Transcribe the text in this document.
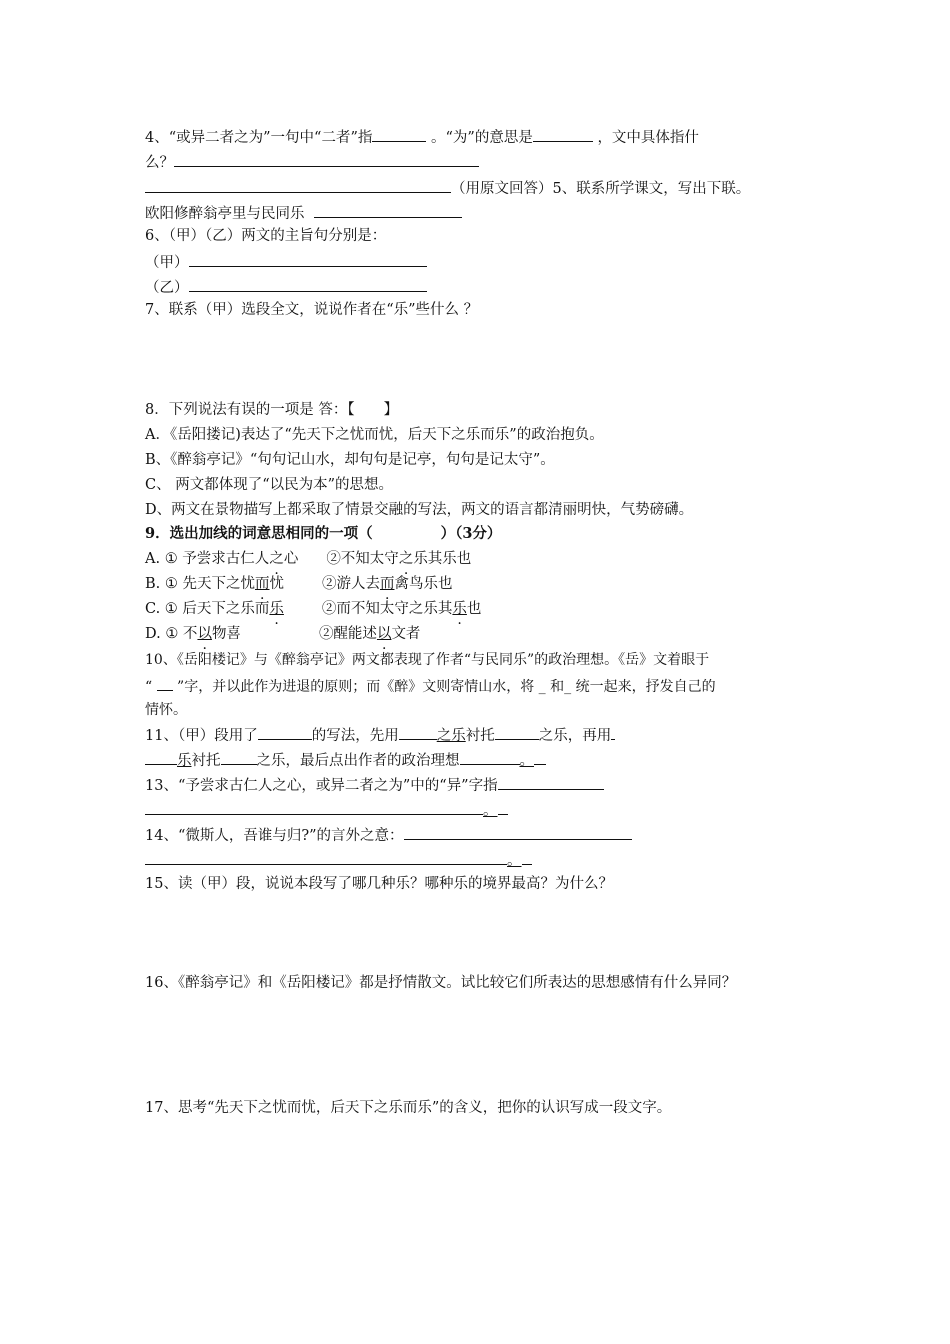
4、“或异二者之为”一句中“二者”指	。“为”的意思是	，文中具体指什
么？
（用原文回答）5、联系所学课文，写出下联。
欧阳修醉翁亭里与民同乐
6、（甲）（乙）两文的主旨句分别是：
（甲）
（乙）
7、联系（甲）选段全文，说说作者在“乐”些什么 ？
8．下列说法有误的一项是 答：【　　】
A．《岳阳搂记)表达了“先天下之忧而忧，后天下之乐而乐”的政治抱负。
B、《醉翁亭记》“句句记山水，却句句是记亭，句句是记太守”。
C、 两文都体现了“以民为本”的思想。
D、两文在景物描写上都采取了情景交融的写法，两文的语言都清丽明快，气势磅礴。
9．选出加线的词意思相同的一项（	）（3分）
A. ① 予尝求古仁人之心 ②不知太守之乐其乐也
B. ① 先天下之忧而忧	②游人去而禽鸟乐也
C. ① 后天下之乐而乐	②而不知太守之乐其乐也
D. ① 不以物喜	②醒能述以文者
10、《岳阳楼记》与《醉翁亭记》两文都表现了作者“与民同乐”的政治理想。《岳》文着眼于
“  ”字，并以此作为进退的原则；而《醉》文则寄情山水，将 _ 和_ 统一起来，抒发自己的
情怀。
11、（甲）段用了	的写法，先用	之乐衬托	之乐，再用
乐衬托 之乐，最后点出作者的政治理想	。
13、“予尝求古仁人之心，或异二者之为”中的“异”字指
。
14、“微斯人，吾谁与归?”的言外之意：
。
15、读（甲）段，说说本段写了哪几种乐？哪种乐的境界最高？为什么？
16、《醉翁亭记》和《岳阳楼记》都是抒情散文。试比较它们所表达的思想感情有什么异同？
17、思考“先天下之忧而忧，后天下之乐而乐”的含义，把你的认识写成一段文字。
